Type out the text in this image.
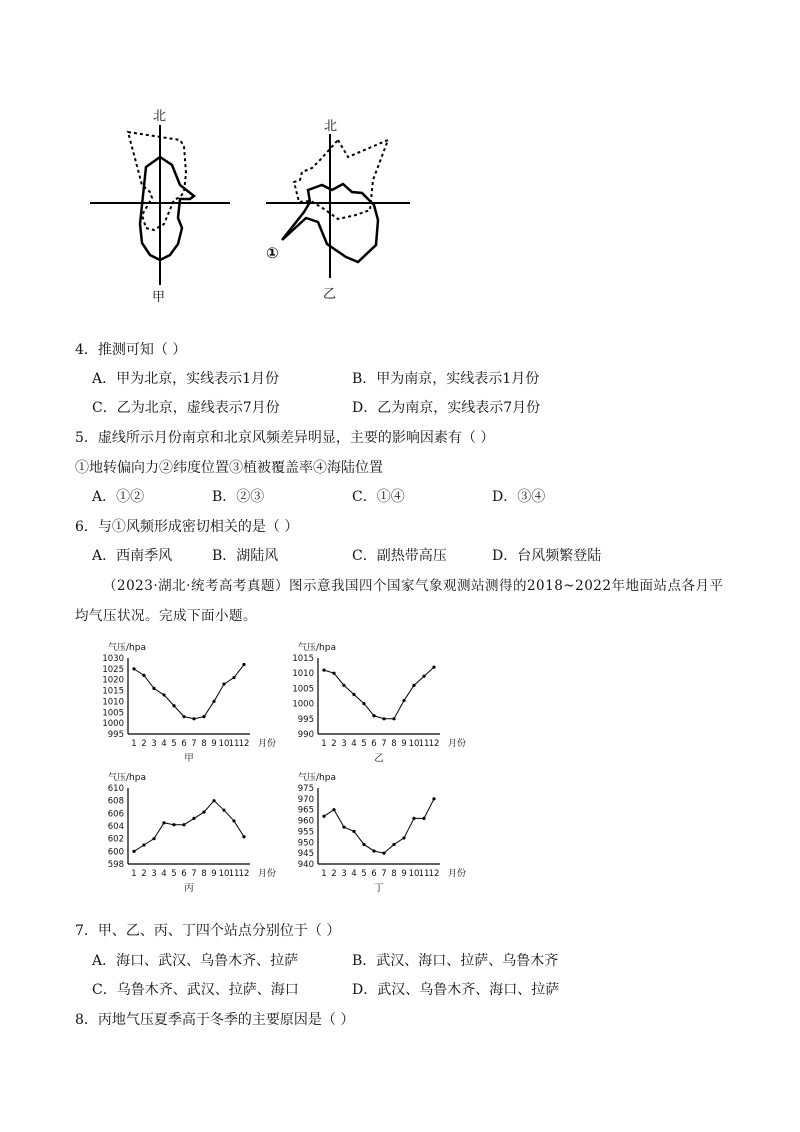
北
甲
北
乙
①
4．推测可知（ ）
A．甲为北京，实线表示1月份	B．甲为南京，实线表示1月份
C．乙为北京，虚线表示7月份	D．乙为南京，实线表示7月份
5．虚线所示月份南京和北京风频差异明显，主要的影响因素有（ ）
①地转偏向力②纬度位置③植被覆盖率④海陆位置
A．①②	B．②③	C．①④	D．③④
6．与①风频形成密切相关的是（ ）
A．西南季风	B．湖陆风	C．副热带高压	D．台风频繁登陆
（2023·湖北·统考高考真题）图示意我国四个国家气象观测站测得的2018~2022年地面站点各月平均气压状况。完成下面小题。
气压/hpa
995
1000
1005
1010
1015
1020
1025
1030
1 2 3 4 5 6 7 8 9 10 11 12 月份
甲
气压/hpa
990
995
1000
1005
1010
1015
1 2 3 4 5 6 7 8 9 10 11 12 月份
乙
气压/hpa
598
600
602
604
606
608
610
1 2 3 4 5 6 7 8 9 10 11 12 月份
丙
气压/hpa
940
945
950
955
960
965
970
975
1 2 3 4 5 6 7 8 9 10 11 12 月份
丁
7．甲、乙、丙、丁四个站点分别位于（ ）
A．海口、武汉、乌鲁木齐、拉萨	B．武汉、海口、拉萨、乌鲁木齐
C．乌鲁木齐、武汉、拉萨、海口	D．武汉、乌鲁木齐、海口、拉萨
8．丙地气压夏季高于冬季的主要原因是（ ）
